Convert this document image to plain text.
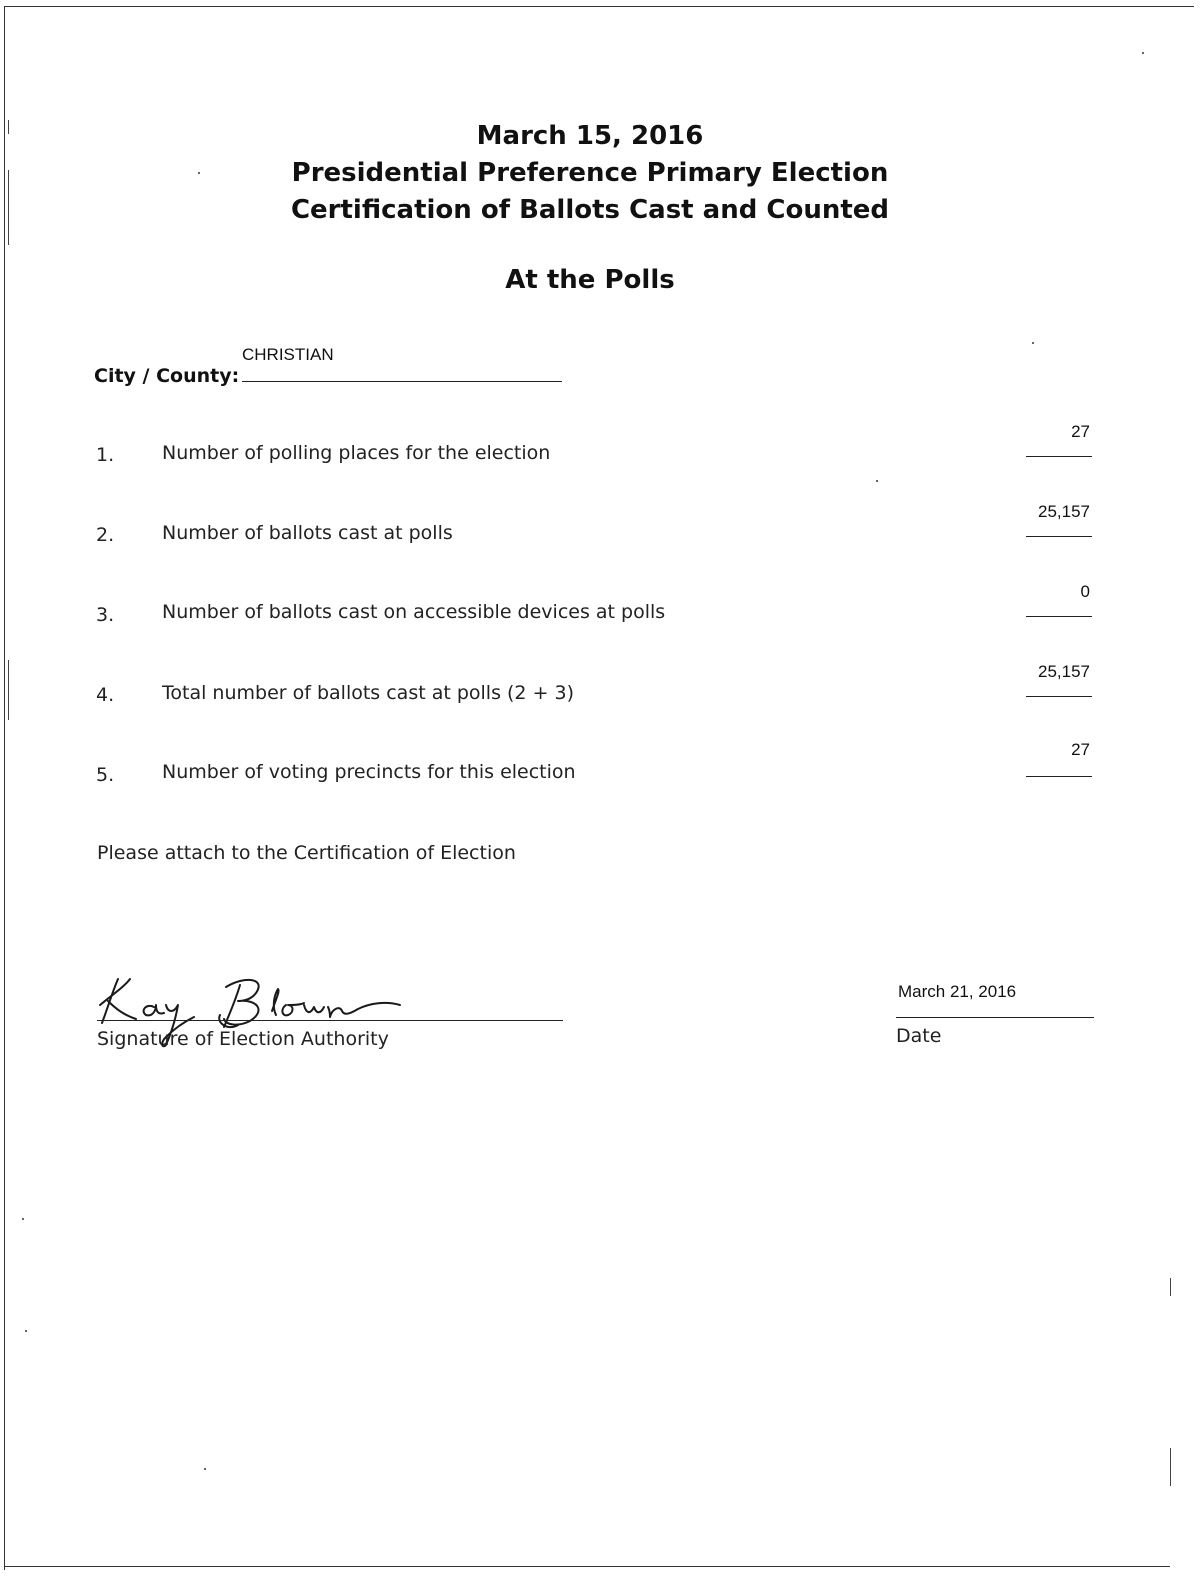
March 15, 2016
Presidential Preference Primary Election
Certification of Ballots Cast and Counted
At the Polls
City / County:
CHRISTIAN
1.	Number of polling places for the election
27
2.	Number of ballots cast at polls
25,157
3.	Number of ballots cast on accessible devices at polls
0
4.	Total number of ballots cast at polls (2 + 3)
25,157
5.	Number of voting precincts for this election
27
Please attach to the Certification of Election
Signature of Election Authority
March 21, 2016
Date
